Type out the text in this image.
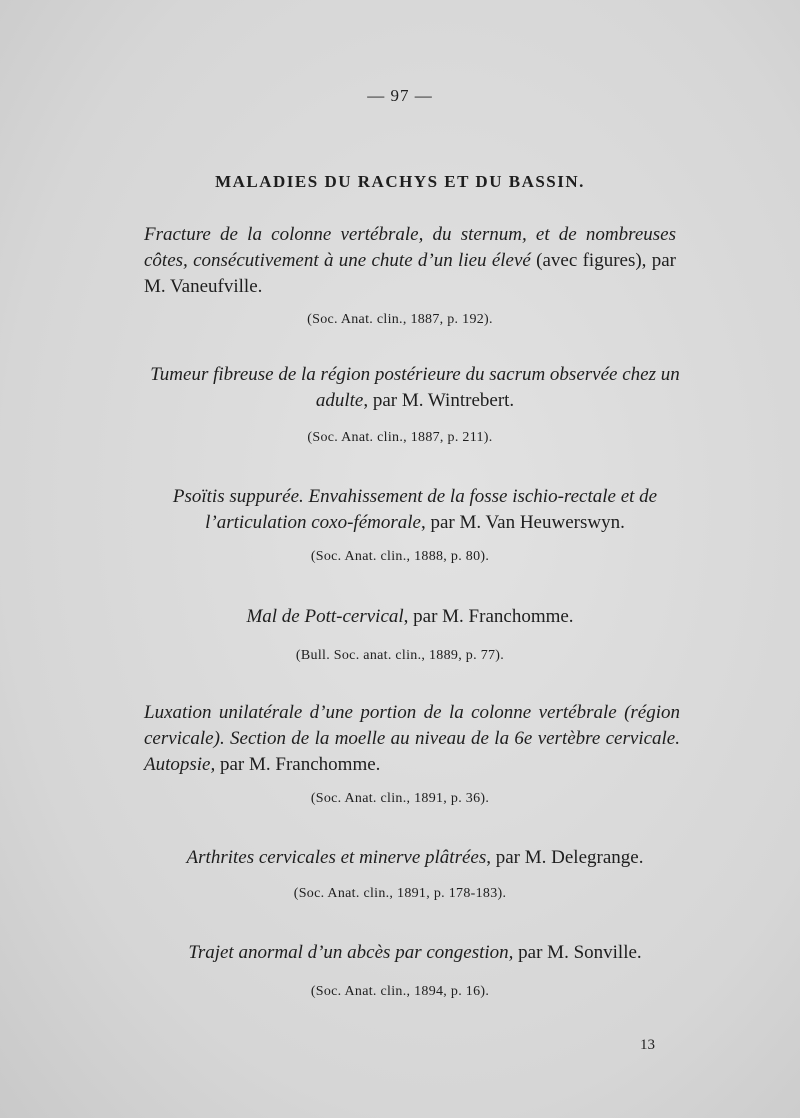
— 97 —
MALADIES DU RACHYS ET DU BASSIN.
Fracture de la colonne vertébrale, du sternum, et de nombreuses côtes, consécutivement à une chute d’un lieu élevé (avec figures), par M. Vaneufville.
(Soc. Anat. clin., 1887, p. 192).
Tumeur fibreuse de la région postérieure du sacrum observée chez un adulte, par M. Wintrebert.
(Soc. Anat. clin., 1887, p. 211).
Psoïtis suppurée. Envahissement de la fosse ischio-rectale et de l’articulation coxo-fémorale, par M. Van Heuwerswyn.
(Soc. Anat. clin., 1888, p. 80).
Mal de Pott-cervical, par M. Franchomme.
(Bull. Soc. anat. clin., 1889, p. 77).
Luxation unilatérale d’une portion de la colonne vertébrale (région cervicale). Section de la moelle au niveau de la 6e vertèbre cervicale. Autopsie, par M. Franchomme.
(Soc. Anat. clin., 1891, p. 36).
Arthrites cervicales et minerve plâtrées, par M. Delegrange.
(Soc. Anat. clin., 1891, p. 178-183).
Trajet anormal d’un abcès par congestion, par M. Sonville.
(Soc. Anat. clin., 1894, p. 16).
13
